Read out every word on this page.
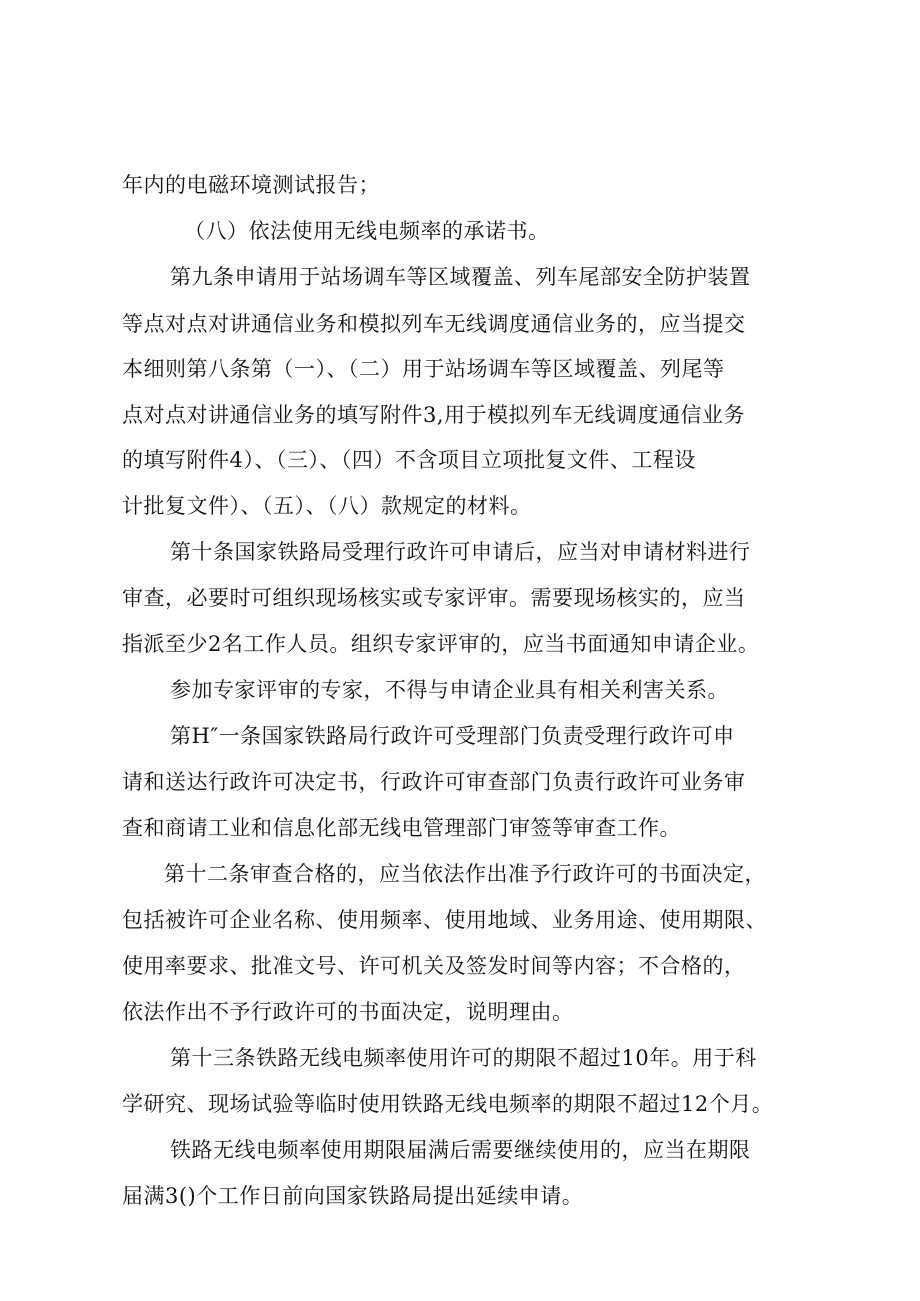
年内的电磁环境测试报告；
（八）依法使用无线电频率的承诺书。
第九条申请用于站场调车等区域覆盖、列车尾部安全防护装置
等点对点对讲通信业务和模拟列车无线调度通信业务的，应当提交
本细则第八条第（一）、（二）用于站场调车等区域覆盖、列尾等
点对点对讲通信业务的填写附件3,用于模拟列车无线调度通信业务
的填写附件4）、（三）、（四）不含项目立项批复文件、工程设
计批复文件）、（五）、（八）款规定的材料。
第十条国家铁路局受理行政许可申请后，应当对申请材料进行
审查，必要时可组织现场核实或专家评审。需要现场核实的，应当
指派至少2名工作人员。组织专家评审的，应当书面通知申请企业。
参加专家评审的专家，不得与申请企业具有相关利害关系。
第H″一条国家铁路局行政许可受理部门负责受理行政许可申
请和送达行政许可决定书，行政许可审查部门负责行政许可业务审
查和商请工业和信息化部无线电管理部门审签等审查工作。
第十二条审查合格的，应当依法作出准予行政许可的书面决定，
包括被许可企业名称、使用频率、使用地域、业务用途、使用期限、
使用率要求、批准文号、许可机关及签发时间等内容；不合格的，
依法作出不予行政许可的书面决定，说明理由。
第十三条铁路无线电频率使用许可的期限不超过10年。用于科
学研究、现场试验等临时使用铁路无线电频率的期限不超过12个月。
铁路无线电频率使用期限届满后需要继续使用的，应当在期限
届满3()个工作日前向国家铁路局提出延续申请。
